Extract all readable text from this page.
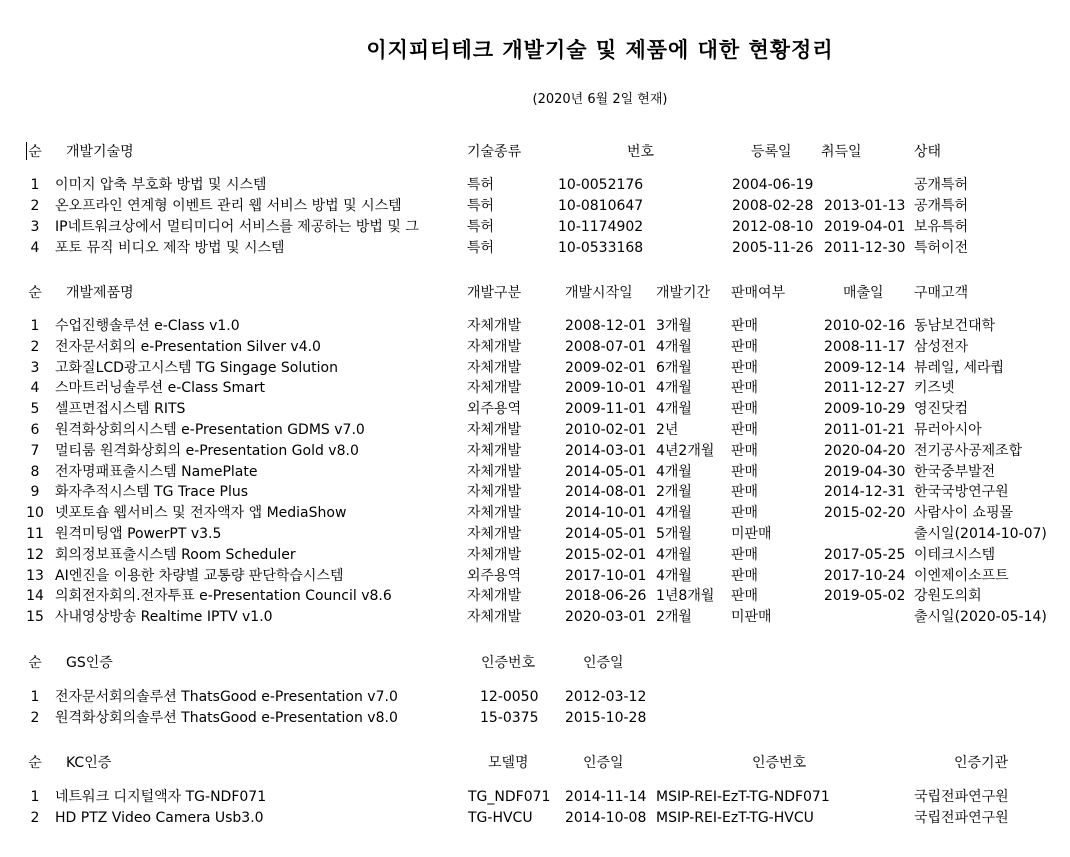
이지피티테크 개발기술 및 제품에 대한 현황정리
(2020년 6월 2일 현재)
순 개발기술명	기술종류	번호	등록일 취득일	상태
1 이미지 압축 부호화 방법 및 시스템	특허	10-0052176	2004-06-19	공개특허
2 온오프라인 연계형 이벤트 관리 웹 서비스 방법 및 시스템	특허	10-0810647	2008-02-28 2013-01-13 공개특허
3 IP네트워크상에서 멀티미디어 서비스를 제공하는 방법 및 그	특허	10-1174902	2012-08-10 2019-04-01 보유특허
4 포토 뮤직 비디오 제작 방법 및 시스템	특허	10-0533168	2005-11-26 2011-12-30 특허이전
순	개발제품명	개발구분	개발시작일 개발기간 판매여부	매출일 구매고객
1	수업진행솔루션 e-Class v1.0	자체개발	2008-12-01 3개월	판매	2010-02-16 동남보건대학
2	전자문서회의 e-Presentation Silver v4.0	자체개발	2008-07-01 4개월	판매	2008-11-17 삼성전자
3	고화질LCD광고시스템 TG Singage Solution	자체개발	2009-02-01 6개월	판매	2009-12-14 뷰레일, 세라퀍
4	스마트러닝솔루션 e-Class Smart	자체개발	2009-10-01 4개월	판매	2011-12-27 키즈넷
5	셀프면접시스템 RITS	외주용역	2009-11-01 4개월	판매	2009-10-29 영진닷컴
6	원격화상회의시스템 e-Presentation GDMS v7.0	자체개발	2010-02-01 2년	판매	2011-01-21 뮤러아시아
7	멀티룸 원격화상회의 e-Presentation Gold v8.0	자체개발	2014-03-01 4년2개월 판매	2020-04-20 전기공사공제조합
8	전자명패표출시스템 NamePlate	자체개발	2014-05-01 4개월	판매	2019-04-30 한국중부발전
9	화자추적시스템 TG Trace Plus	자체개발	2014-08-01 2개월	판매	2014-12-31 한국국방연구원
10 넷포토숍 웹서비스 및 전자액자 앱 MediaShow	자체개발	2014-10-01 4개월	판매	2015-02-20 사람사이 쇼핑몰
11 원격미팅앱 PowerPT v3.5	자체개발	2014-05-01 5개월	미판매	출시일(2014-10-07)
12 회의정보표출시스템 Room Scheduler	자체개발	2015-02-01 4개월	판매	2017-05-25 이테크시스템
13 AI엔진을 이용한 차량별 교통량 판단학습시스템	외주용역	2017-10-01 4개월	판매	2017-10-24 이엔제이소프트
14 의회전자회의.전자투표 e-Presentation Council v8.6	자체개발	2018-06-26 1년8개월 판매	2019-05-02 강원도의회
15 사내영상방송 Realtime IPTV v1.0	자체개발	2020-03-01 2개월	미판매	출시일(2020-05-14)
순 GS인증	인증번호	인증일
1 전자문서회의솔루션 ThatsGood e-Presentation v7.0	12-0050 2012-03-12
2 원격화상회의솔루션 ThatsGood e-Presentation v8.0	15-0375 2015-10-28
순 KC인증	모델명	인증일	인증번호	인증기관
1 네트워크 디지털액자 TG-NDF071	TG_NDF071 2014-11-14 MSIP-REI-EzT-TG-NDF071	국립전파연구원
2 HD PTZ Video Camera Usb3.0	TG-HVCU 2014-10-08 MSIP-REI-EzT-TG-HVCU	국립전파연구원
